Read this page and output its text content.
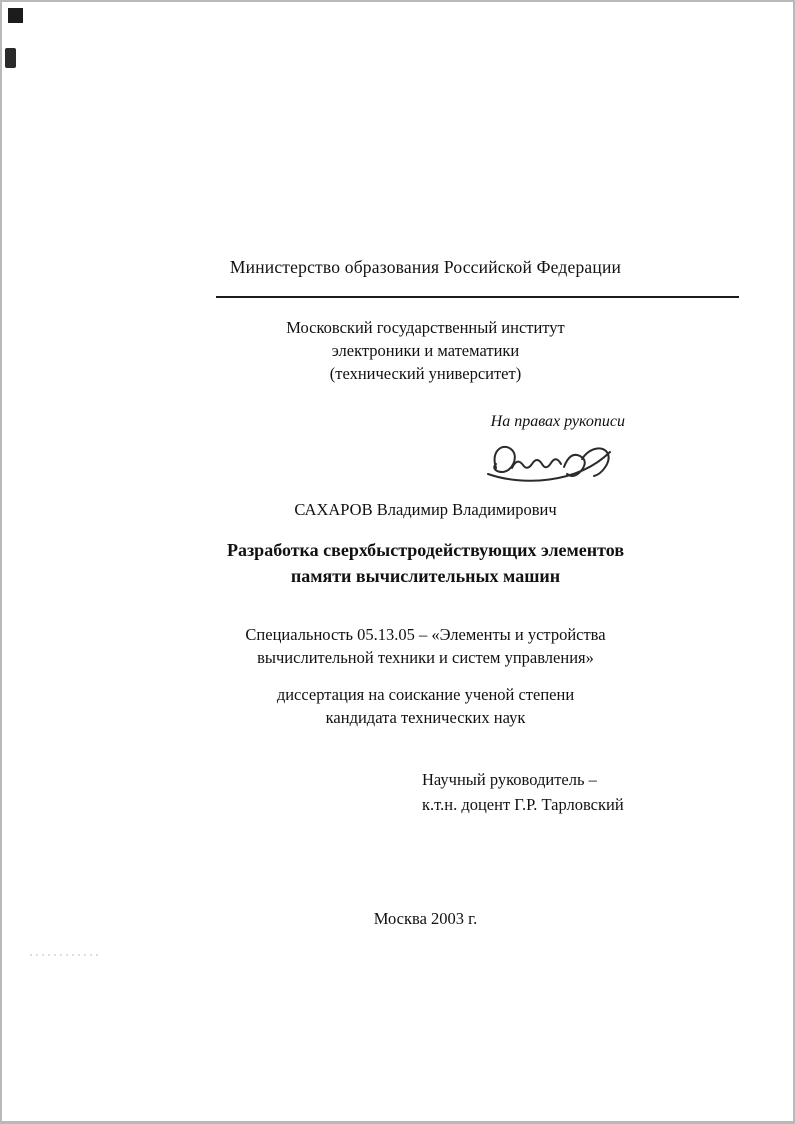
Министерство образования Российской Федерации
Московский государственный институт
электроники и математики
(технический университет)
На правах рукописи
САХАРОВ Владимир Владимирович
Разработка сверхбыстродействующих элементов
памяти вычислительных машин
Специальность 05.13.05 – «Элементы и устройства
вычислительной техники и систем управления»
диссертация на соискание ученой степени
кандидата технических наук
Научный руководитель –
к.т.н. доцент Г.Р. Тарловский
Москва 2003 г.
